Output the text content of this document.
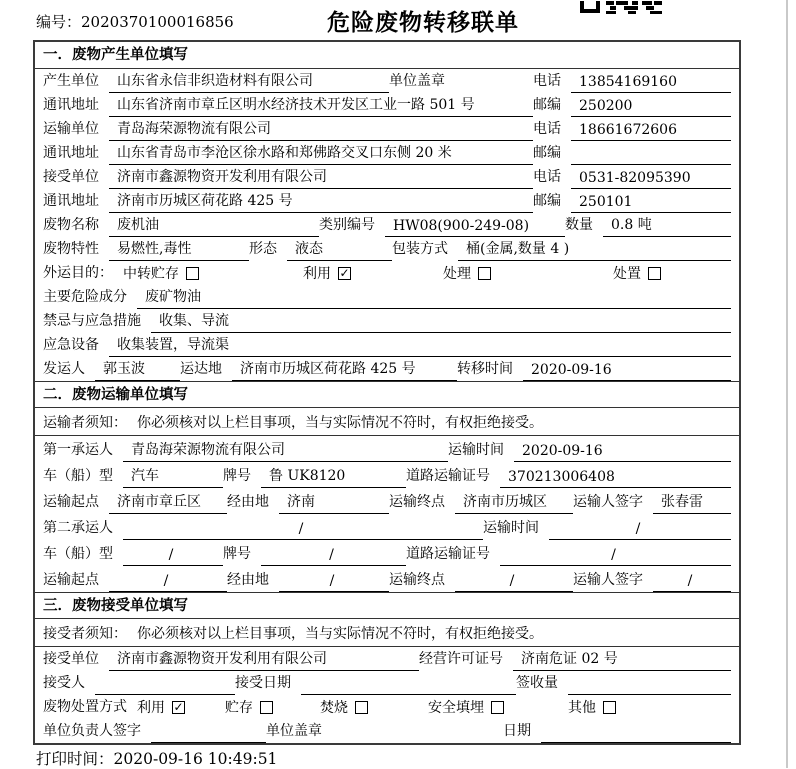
编号：2020370100016856	危险废物转移联单
一．废物产生单位填写
产生单位	山东省永信非织造材料有限公司	单位盖章	电话	13854169160
通讯地址	山东省济南市章丘区明水经济技术开发区工业一路 501 号	邮编	250200
运输单位	青岛海荣源物流有限公司	电话	18661672606
通讯地址	山东省青岛市李沧区徐水路和郑佛路交叉口东侧 20 米	邮编
接受单位	济南市鑫源物资开发利用有限公司	电话	0531-82095390
通讯地址	济南市历城区荷花路 425 号	邮编	250101
废物名称	废机油	类别编号	HW08(900-249-08)	数量	0.8 吨
废物特性	易燃性,毒性	形态	液态	包装方式	桶(金属,数量 4 )
外运目的： 中转贮存	利用 ✓	处理	处置
主要危险成分	废矿物油
禁忌与应急措施	收集、导流
应急设备	收集装置，导流渠
发运人	郭玉波	运达地	济南市历城区荷花路 425 号	转移时间	2020-09-16
二．废物运输单位填写
运输者须知： 你必须核对以上栏目事项，当与实际情况不符时，有权拒绝接受。
第一承运人	青岛海荣源物流有限公司	运输时间	2020-09-16
车（船）型	汽车	牌号	鲁 UK8120	道路运输证号	370213006408
运输起点	济南市章丘区	经由地	济南	运输终点	济南市历城区	运输人签字	张春雷
第二承运人	/	运输时间	/
车（船）型	/	牌号	/	道路运输证号	/
运输起点	/	经由地	/	运输终点	/	运输人签字	/
三．废物接受单位填写
接受者须知： 你必须核对以上栏目事项，当与实际情况不符时，有权拒绝接受。
接受单位	济南市鑫源物资开发利用有限公司	经营许可证号	济南危证 02 号
接受人	接受日期	签收量
废物处置方式 利用 ✓	贮存	焚烧	安全填埋	其他
单位负责人签字	单位盖章	日期
打印时间：2020-09-16 10:49:51
